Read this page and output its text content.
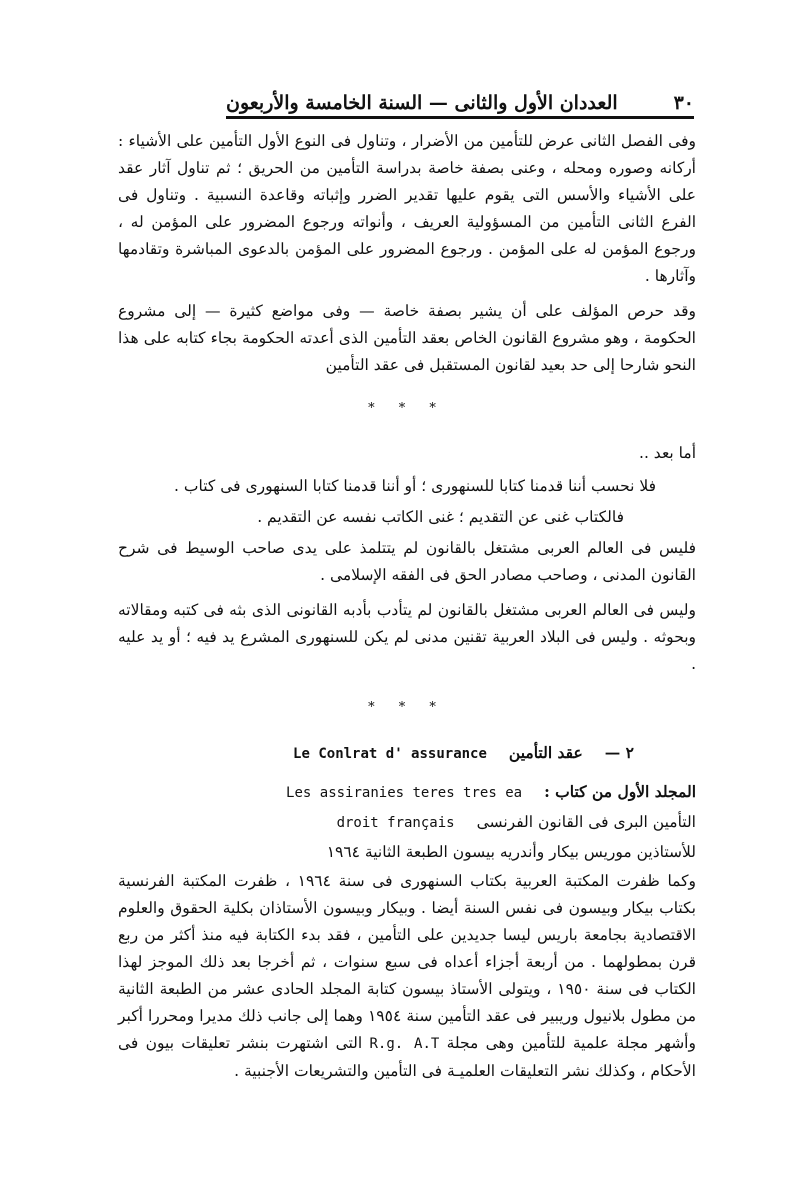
٣٠
العددان الأول والثانى — السنة الخامسة والأربعون

وفى الفصل الثانى عرض للتأمين من الأضرار ، وتناول فى النوع الأول التأمين على الأشياء : أركانه وصوره ومحله ، وعنى بصفة خاصة بدراسة التأمين من الحريق ؛ ثم تناول آثار عقد على الأشياء والأسس التى يقوم عليها تقدير الضرر وإثباته وقاعدة النسبية . وتناول فى الفرع الثانى التأمين من المسؤولية العريف ، وأنواته ورجوع المضرور على المؤمن له ، ورجوع المؤمن له على المؤمن . ورجوع المضرور على المؤمن بالدعوى المباشرة وتقادمها وآثارها .

وقد حرص المؤلف على أن يشير بصفة خاصة — وفى مواضع كثيرة — إلى مشروع الحكومة ، وهو مشروع القانون الخاص بعقد التأمين الذى أعدته الحكومة بجاء كتابه على هذا النحو شارحا إلى حد بعيد لقانون المستقبل فى عقد التأمين

* * *

أما بعد ..

فلا نحسب أننا قدمنا كتابا للسنهورى ؛ أو أننا قدمنا كتابا السنهورى فى كتاب .

فالكتاب غنى عن التقديم ؛ غنى الكاتب نفسه عن التقديم .

فليس فى العالم العربى مشتغل بالقانون لم يتتلمذ على يدى صاحب الوسيط فى شرح القانون المدنى ، وصاحب مصادر الحق فى الفقه الإسلامى .

وليس فى العالم العربى مشتغل بالقانون لم يتأدب بأدبه القانونى الذى بثه فى كتبه ومقالاته وبحوثه . وليس فى البلاد العربية تقنين مدنى لم يكن للسنهورى المشرع يد فيه ؛ أو يد عليه .

* * *

٢ —
عقد التأمين
Le Conlrat d' assurance

المجلد الأول من كتاب :
Les assiranies teres tres ea

التأمين البرى فى القانون الفرنسى
droit français

للأستاذين موريس بيكار وأندريه بيسون الطبعة الثانية ١٩٦٤

وكما ظفرت المكتبة العربية بكتاب السنهورى فى سنة ١٩٦٤ ، ظفرت المكتبة الفرنسية بكتاب بيكار وبيسون فى نفس السنة أيضا . وبيكار وبيسون الأستاذان بكلية الحقوق والعلوم الاقتصادية بجامعة باريس ليسا جديدين على التأمين ، فقد بدء الكتابة فيه منذ أكثر من ربع قرن بمطولهما . من أربعة أجزاء أعداه فى سبع سنوات ، ثم أخرجا بعد ذلك الموجز لهذا الكتاب فى سنة ١٩٥٠ ، ويتولى الأستاذ بيسون كتابة المجلد الحادى عشر من الطبعة الثانية من مطول بلانيول وريبير فى عقد التأمين سنة ١٩٥٤ وهما إلى جانب ذلك مديرا ومحررا أكبر وأشهر مجلة علمية للتأمين وهى مجلة R.g. A.T التى اشتهرت بنشر تعليقات بيون فى الأحكام ، وكذلك نشر التعليقات العلميـة فى التأمين والتشريعات الأجنبية .
